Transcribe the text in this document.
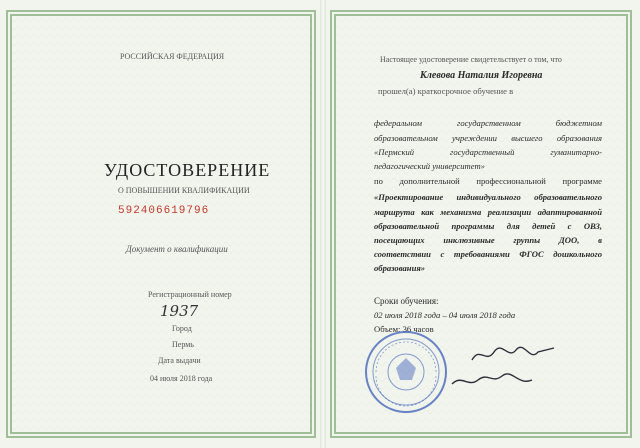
РОССИЙСКАЯ ФЕДЕРАЦИЯ
УДОСТОВЕРЕНИЕ
О ПОВЫШЕНИИ КВАЛИФИКАЦИИ
592406619796
Документ о квалификации
Регистрационный номер
1937
Город
Пермь
Дата выдачи
04 июля 2018 года
Настоящее удостоверение свидетельствует о том, что
Клевова Наталия Игоревна
прошел(а) краткосрочное обучение в
федеральном государственном бюджетном
образовательном учреждении высшего образования
«Пермский государственный гуманитарно-
педагогический университет»
по дополнительной профессиональной программе
«Проектирование индивидуального образовательного
маршрута как механизма реализации адаптированной
образовательной программы для детей с ОВЗ,
посещающих инклюзивные группы ДОО, в
соответствии с требованиями ФГОС дошкольного
образования»
Сроки обучения:
02 июля 2018 года – 04 июля 2018 года
Объем: 36 часов
